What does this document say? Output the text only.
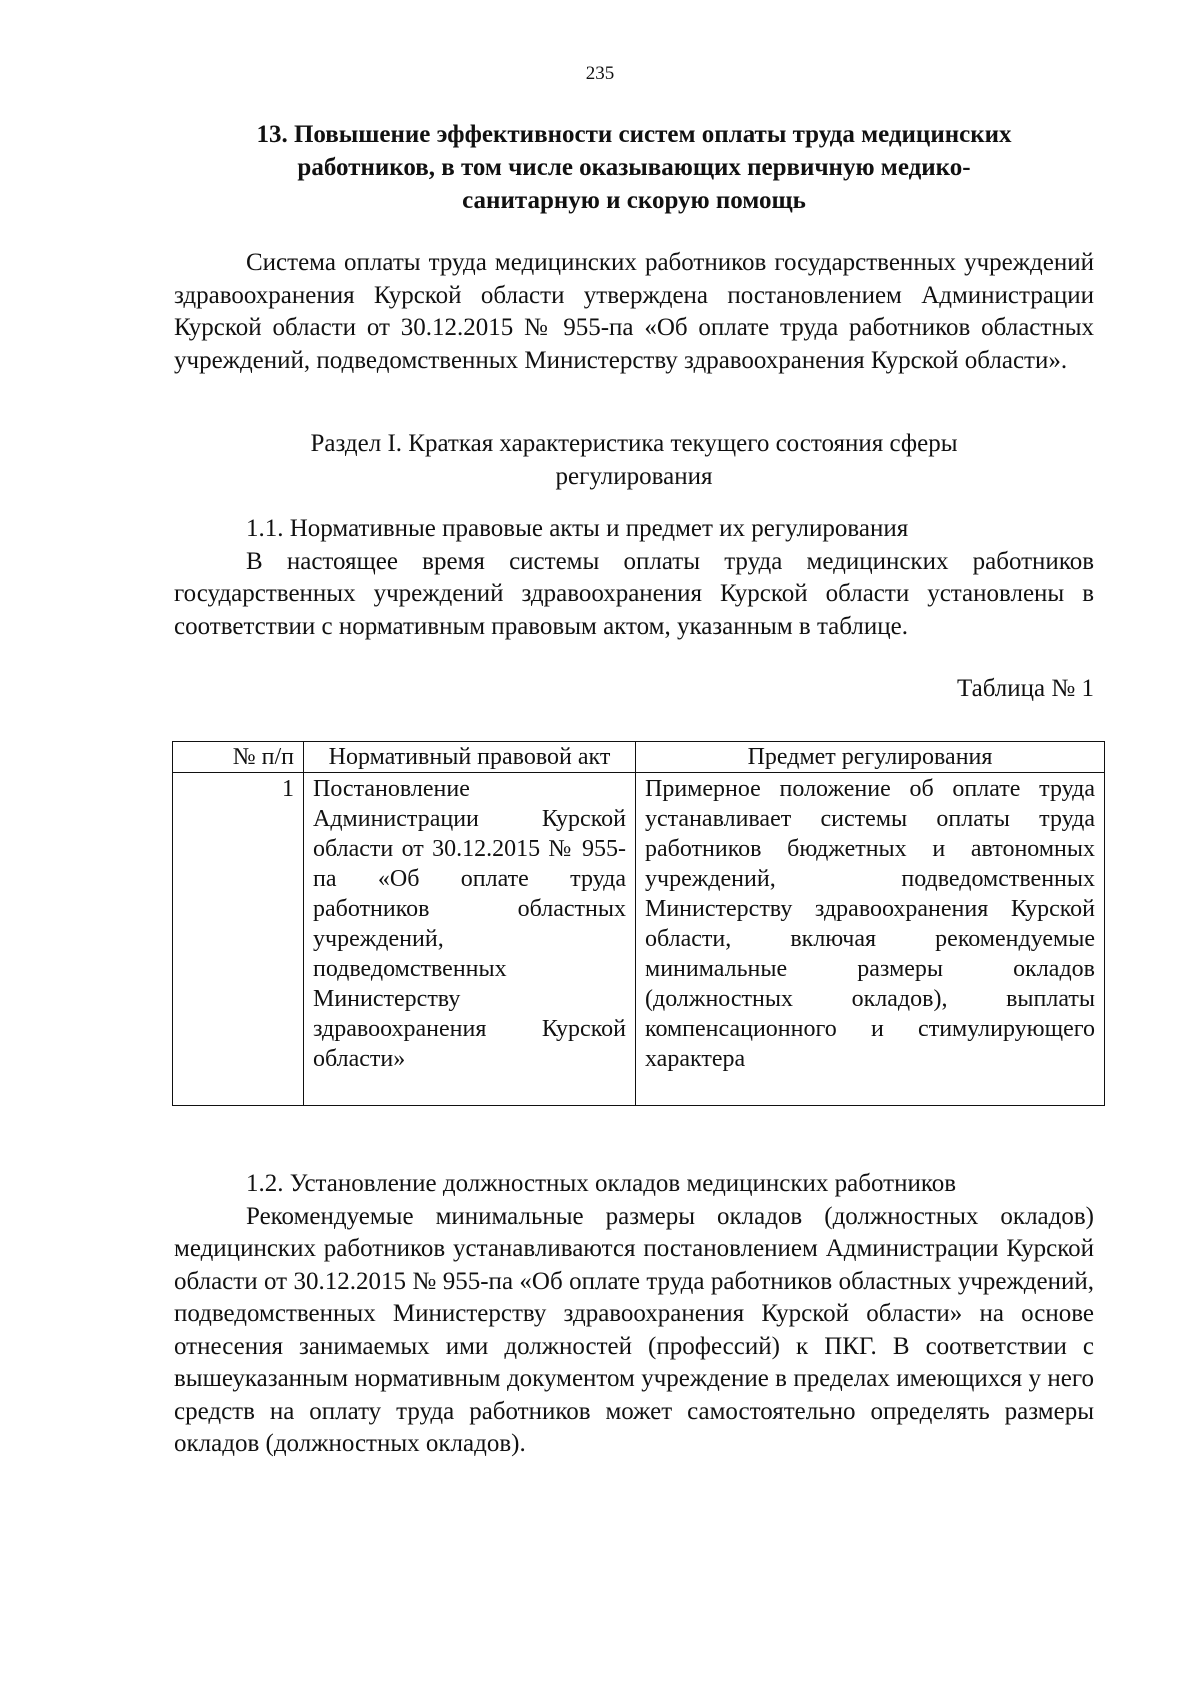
235
13. Повышение эффективности систем оплаты труда медицинских
работников, в том числе оказывающих первичную медико-
санитарную и скорую помощь

Система оплаты труда медицинских работников государственных учреждений здравоохранения Курской области утверждена постановлением Администрации Курской области от 30.12.2015 № 955-па «Об оплате труда работников областных учреждений, подведомственных Министерству здравоохранения Курской области».

Раздел I. Краткая характеристика текущего состояния сферы

регулирования

1.1. Нормативные правовые акты и предмет их регулирования

В настоящее время системы оплаты труда медицинских работников государственных учреждений здравоохранения Курской области установлены в соответствии с нормативным правовым актом, указанным в таблице.

Таблица № 1

№ п/п	Нормативный правовой акт	Предмет регулирования
1	Постановление Администрации Курской области от 30.12.2015 № 955-па «Об оплате труда работников областных учреждений, подведомственных Министерству здравоохранения Курской области»	Примерное положение об оплате труда устанавливает системы оплаты труда работников бюджетных и автономных учреждений, подведомственных Министерству здравоохранения Курской области, включая рекомендуемые минимальные размеры окладов (должностных окладов), выплаты компенсационного и стимулирующего характера

1.2. Установление должностных окладов медицинских работников

Рекомендуемые минимальные размеры окладов (должностных окладов) медицинских работников устанавливаются постановлением Администрации Курской области от 30.12.2015 № 955-па «Об оплате труда работников областных учреждений, подведомственных Министерству здравоохранения Курской области» на основе отнесения занимаемых ими должностей (профессий) к ПКГ. В соответствии с вышеуказанным нормативным документом учреждение в пределах имеющихся у него средств на оплату труда работников может самостоятельно определять размеры окладов (должностных окладов).
